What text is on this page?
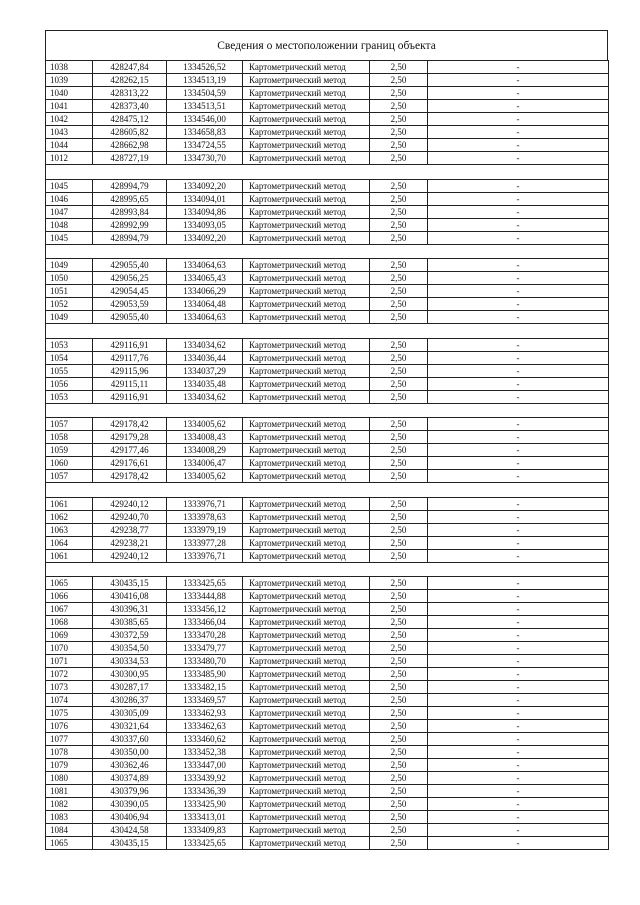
Сведения о местоположении границ объекта
1038	428247,84	1334526,52	Картометрический метод	2,50	-
1039	428262,15	1334513,19	Картометрический метод	2,50	-
1040	428313,22	1334504,59	Картометрический метод	2,50	-
1041	428373,40	1334513,51	Картометрический метод	2,50	-
1042	428475,12	1334546,00	Картометрический метод	2,50	-
1043	428605,82	1334658,83	Картометрический метод	2,50	-
1044	428662,98	1334724,55	Картометрический метод	2,50	-
1012	428727,19	1334730,70	Картометрический метод	2,50	-

1045	428994,79	1334092,20	Картометрический метод	2,50	-
1046	428995,65	1334094,01	Картометрический метод	2,50	-
1047	428993,84	1334094,86	Картометрический метод	2,50	-
1048	428992,99	1334093,05	Картометрический метод	2,50	-
1045	428994,79	1334092,20	Картометрический метод	2,50	-

1049	429055,40	1334064,63	Картометрический метод	2,50	-
1050	429056,25	1334065,43	Картометрический метод	2,50	-
1051	429054,45	1334066,29	Картометрический метод	2,50	-
1052	429053,59	1334064,48	Картометрический метод	2,50	-
1049	429055,40	1334064,63	Картометрический метод	2,50	-

1053	429116,91	1334034,62	Картометрический метод	2,50	-
1054	429117,76	1334036,44	Картометрический метод	2,50	-
1055	429115,96	1334037,29	Картометрический метод	2,50	-
1056	429115,11	1334035,48	Картометрический метод	2,50	-
1053	429116,91	1334034,62	Картометрический метод	2,50	-

1057	429178,42	1334005,62	Картометрический метод	2,50	-
1058	429179,28	1334008,43	Картометрический метод	2,50	-
1059	429177,46	1334008,29	Картометрический метод	2,50	-
1060	429176,61	1334006,47	Картометрический метод	2,50	-
1057	429178,42	1334005,62	Картометрический метод	2,50	-

1061	429240,12	1333976,71	Картометрический метод	2,50	-
1062	429240,70	1333978,63	Картометрический метод	2,50	-
1063	429238,77	1333979,19	Картометрический метод	2,50	-
1064	429238,21	1333977,28	Картометрический метод	2,50	-
1061	429240,12	1333976,71	Картометрический метод	2,50	-

1065	430435,15	1333425,65	Картометрический метод	2,50	-
1066	430416,08	1333444,88	Картометрический метод	2,50	-
1067	430396,31	1333456,12	Картометрический метод	2,50	-
1068	430385,65	1333466,04	Картометрический метод	2,50	-
1069	430372,59	1333470,28	Картометрический метод	2,50	-
1070	430354,50	1333479,77	Картометрический метод	2,50	-
1071	430334,53	1333480,70	Картометрический метод	2,50	-
1072	430300,95	1333485,90	Картометрический метод	2,50	-
1073	430287,17	1333482,15	Картометрический метод	2,50	-
1074	430286,37	1333469,57	Картометрический метод	2,50	-
1075	430305,09	1333462,93	Картометрический метод	2,50	-
1076	430321,64	1333462,63	Картометрический метод	2,50	-
1077	430337,60	1333460,62	Картометрический метод	2,50	-
1078	430350,00	1333452,38	Картометрический метод	2,50	-
1079	430362,46	1333447,00	Картометрический метод	2,50	-
1080	430374,89	1333439,92	Картометрический метод	2,50	-
1081	430379,96	1333436,39	Картометрический метод	2,50	-
1082	430390,05	1333425,90	Картометрический метод	2,50	-
1083	430406,94	1333413,01	Картометрический метод	2,50	-
1084	430424,58	1333409,83	Картометрический метод	2,50	-
1065	430435,15	1333425,65	Картометрический метод	2,50	-
